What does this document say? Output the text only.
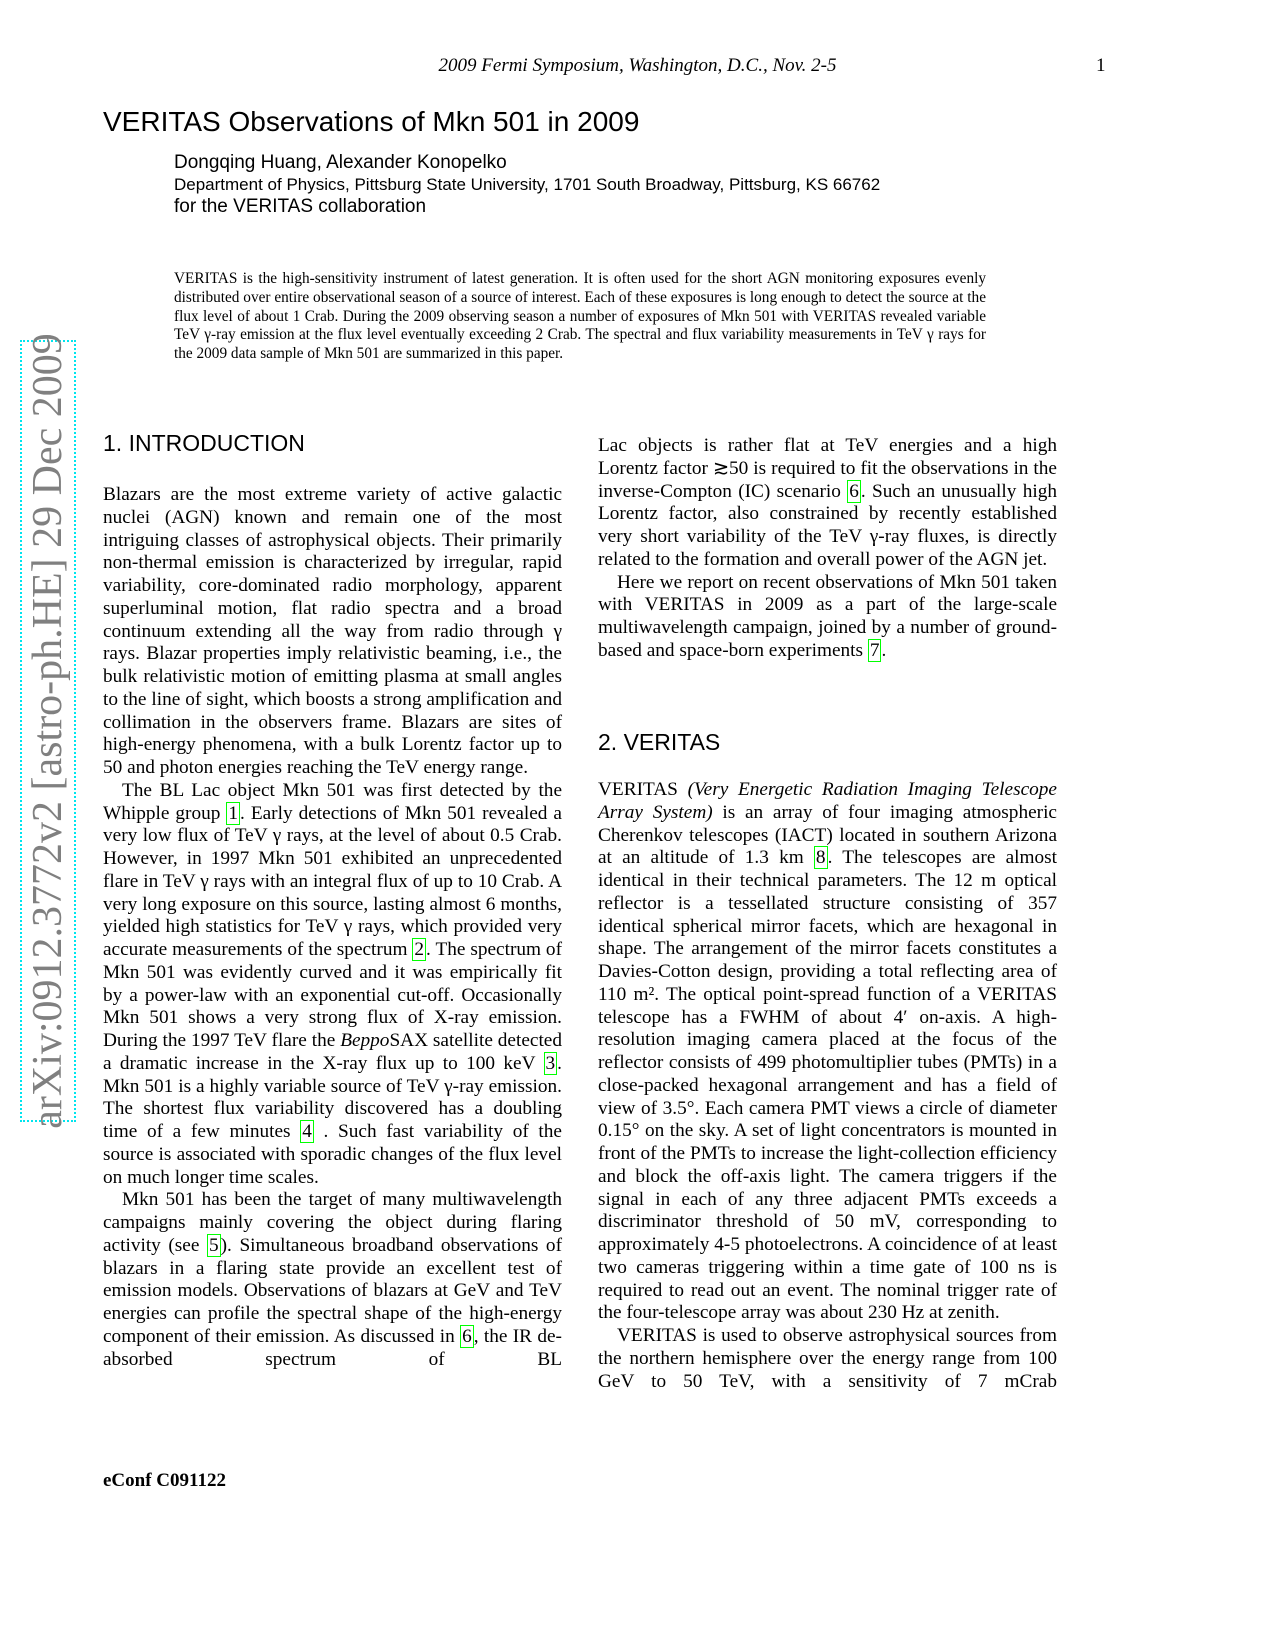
2009 Fermi Symposium, Washington, D.C., Nov. 2-5	1
VERITAS Observations of Mkn 501 in 2009
Dongqing Huang, Alexander Konopelko
Department of Physics, Pittsburg State University, 1701 South Broadway, Pittsburg, KS 66762
for the VERITAS collaboration
VERITAS is the high-sensitivity instrument of latest generation. It is often used for the short AGN monitoring exposures evenly distributed over entire observational season of a source of interest. Each of these exposures is long enough to detect the source at the flux level of about 1 Crab. During the 2009 observing season a number of exposures of Mkn 501 with VERITAS revealed variable TeV γ-ray emission at the flux level eventually exceeding 2 Crab. The spectral and flux variability measurements in TeV γ rays for the 2009 data sample of Mkn 501 are summarized in this paper.
arXiv:0912.3772v2 [astro-ph.HE] 29 Dec 2009 1. INTRODUCTION

Blazars are the most extreme variety of active galactic nuclei (AGN) known and remain one of the most intriguing classes of astrophysical objects. Their primarily non-thermal emission is characterized by irregular, rapid variability, core-dominated radio morphology, apparent superluminal motion, flat radio spectra and a broad continuum extending all the way from radio through γ rays. Blazar properties imply relativistic beaming, i.e., the bulk relativistic motion of emitting plasma at small angles to the line of sight, which boosts a strong amplification and collimation in the observers frame. Blazars are sites of high-energy phenomena, with a bulk Lorentz factor up to 50 and photon energies reaching the TeV energy range.

The BL Lac object Mkn 501 was first detected by the Whipple group 1 . Early detections of Mkn 501 revealed a very low flux of TeV γ rays, at the level of about 0.5 Crab. However, in 1997 Mkn 501 exhibited an unprecedented flare in TeV γ rays with an integral flux of up to 10 Crab. A very long exposure on this source, lasting almost 6 months, yielded high statistics for TeV γ rays, which provided very accurate measurements of the spectrum 2 . The spectrum of Mkn 501 was evidently curved and it was empirically fit by a power-law with an exponential cut-off. Occasionally Mkn 501 shows a very strong flux of X-ray emission. During the 1997 TeV flare the BeppoSAX satellite detected a dramatic increase in the X-ray flux up to 100 keV 3 . Mkn 501 is a highly variable source of TeV γ-ray emission. The shortest flux variability discovered has a doubling time of a few minutes 4 . Such fast variability of the source is associated with sporadic changes of the flux level on much longer time scales.

Mkn 501 has been the target of many multiwavelength campaigns mainly covering the object during flaring activity (see 5 ). Simultaneous broadband observations of blazars in a flaring state provide an excellent test of emission models. Observations of blazars at GeV and TeV energies can profile the spectral shape of the high-energy component of their emission. As discussed in 6 , the IR de-absorbed spectrum of BL

Lac objects is rather flat at TeV energies and a high Lorentz factor ≳50 is required to fit the observations in the inverse-Compton (IC) scenario 6 . Such an unusually high Lorentz factor, also constrained by recently established very short variability of the TeV γ-ray fluxes, is directly related to the formation and overall power of the AGN jet.

Here we report on recent observations of Mkn 501 taken with VERITAS in 2009 as a part of the large-scale multiwavelength campaign, joined by a number of ground-based and space-born experiments 7 .

2. VERITAS

VERITAS (Very Energetic Radiation Imaging Telescope Array System) is an array of four imaging atmospheric Cherenkov telescopes (IACT) located in southern Arizona at an altitude of 1.3 km 8 . The telescopes are almost identical in their technical parameters. The 12 m optical reflector is a tessellated structure consisting of 357 identical spherical mirror facets, which are hexagonal in shape. The arrangement of the mirror facets constitutes a Davies-Cotton design, providing a total reflecting area of 110 m². The optical point-spread function of a VERITAS telescope has a FWHM of about 4′ on-axis. A high-resolution imaging camera placed at the focus of the reflector consists of 499 photomultiplier tubes (PMTs) in a close-packed hexagonal arrangement and has a field of view of 3.5°. Each camera PMT views a circle of diameter 0.15° on the sky. A set of light concentrators is mounted in front of the PMTs to increase the light-collection efficiency and block the off-axis light. The camera triggers if the signal in each of any three adjacent PMTs exceeds a discriminator threshold of 50 mV, corresponding to approximately 4-5 photoelectrons. A coincidence of at least two cameras triggering within a time gate of 100 ns is required to read out an event. The nominal trigger rate of the four-telescope array was about 230 Hz at zenith.

VERITAS is used to observe astrophysical sources from the northern hemisphere over the energy range from 100 GeV to 50 TeV, with a sensitivity of 7 mCrab

eConf C091122
